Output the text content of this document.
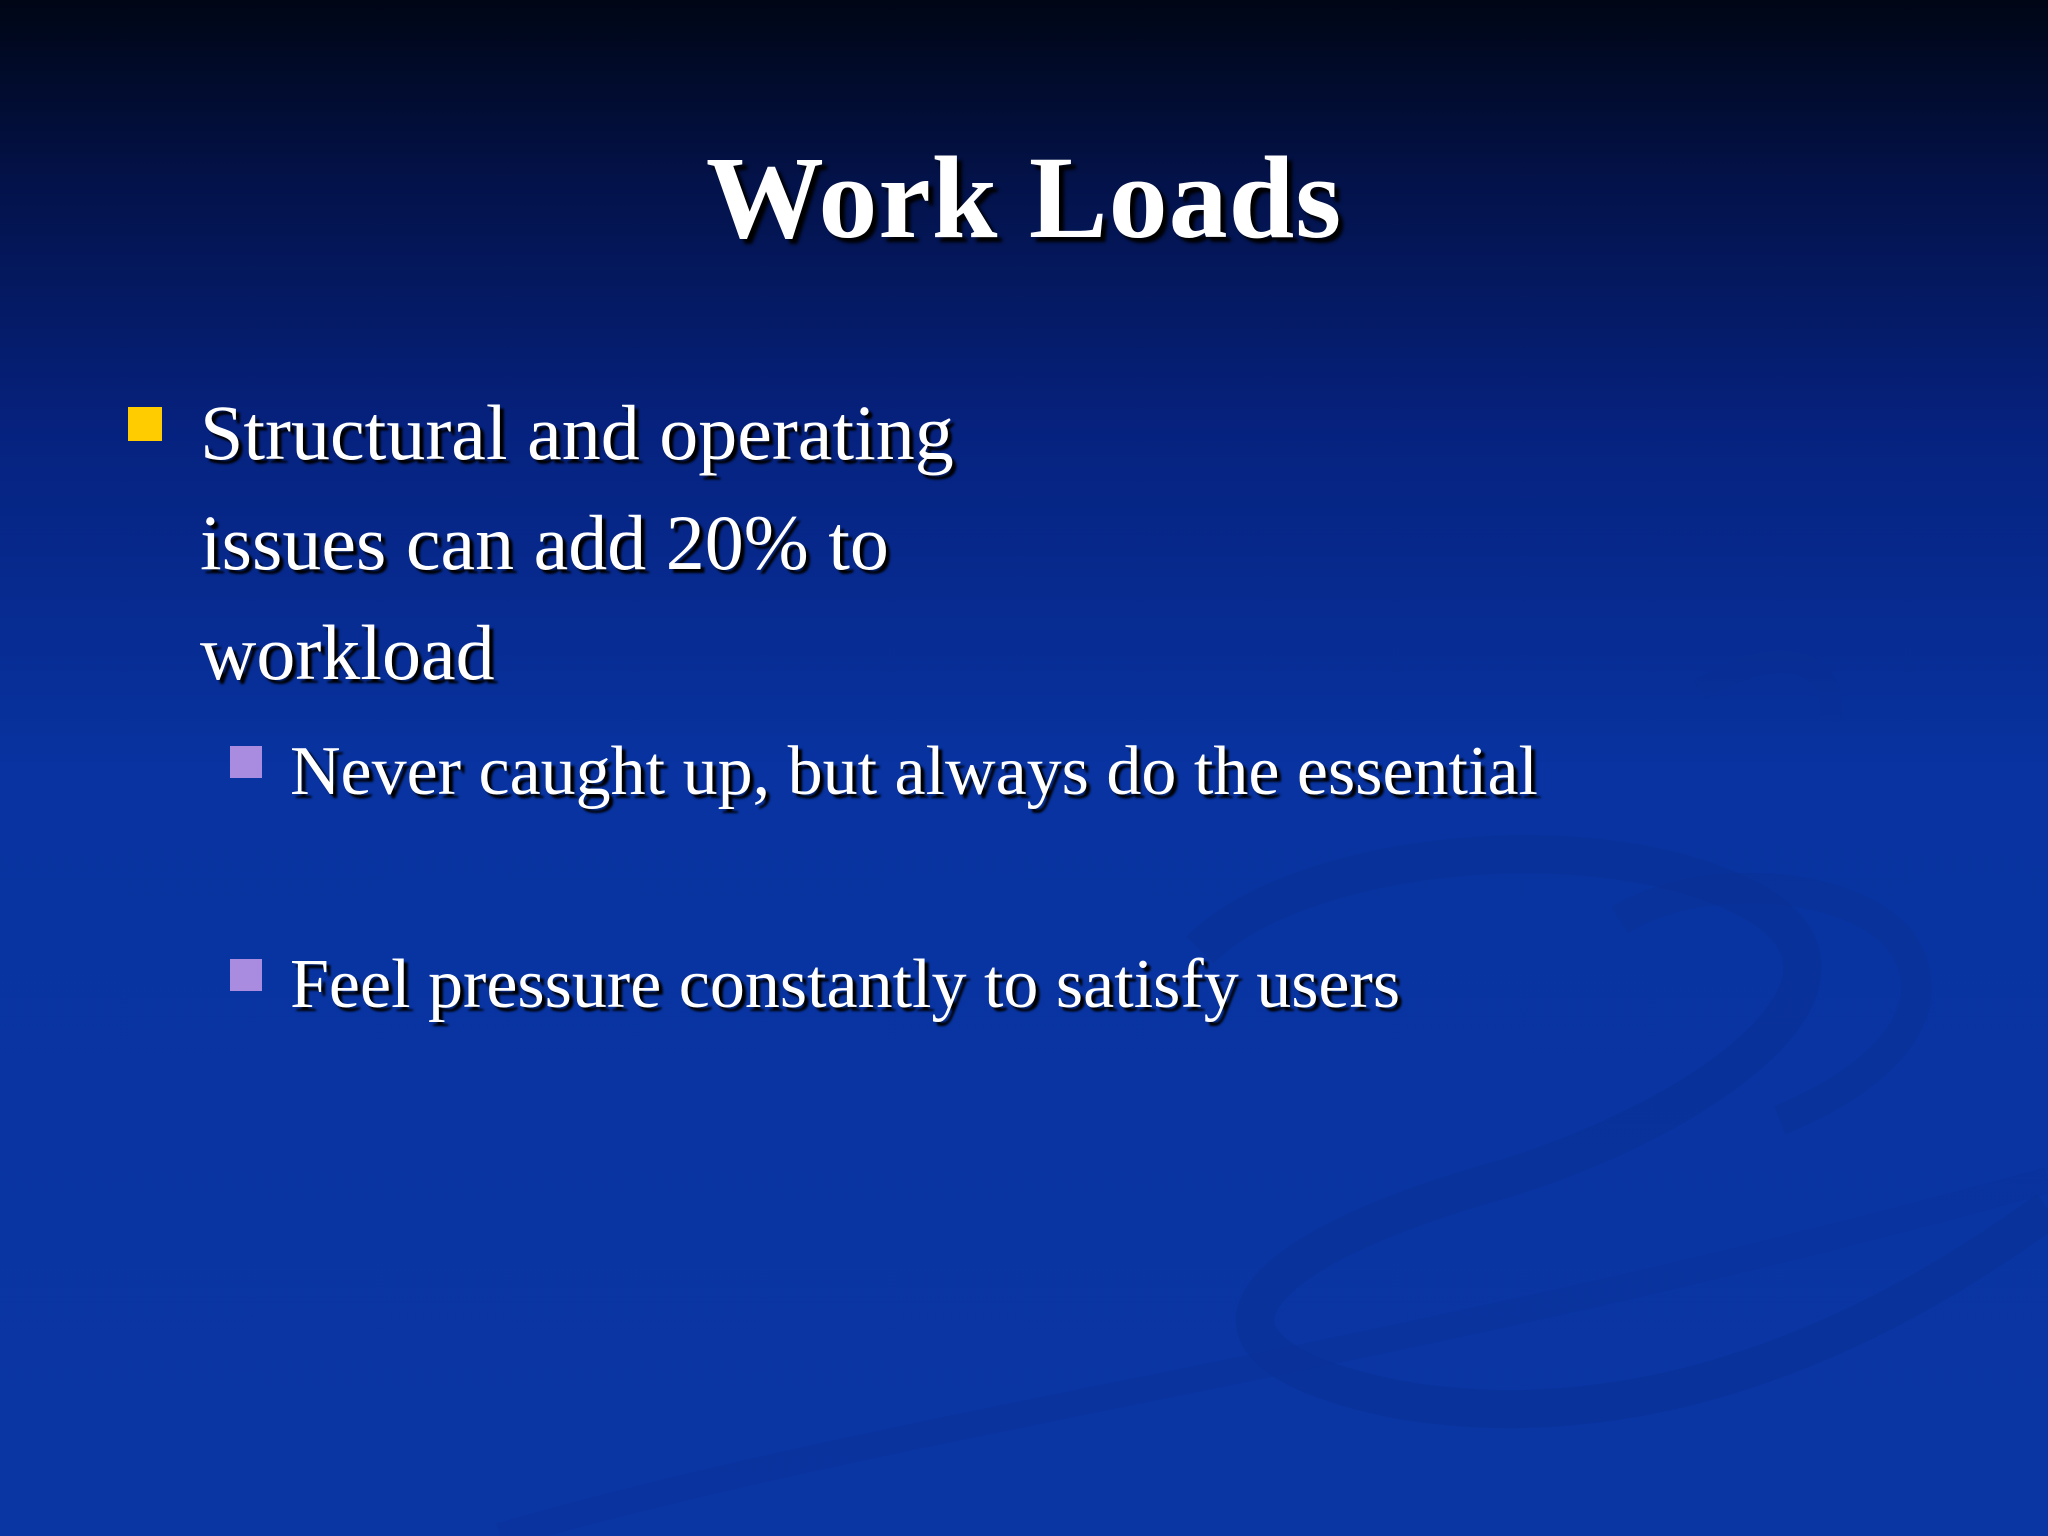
Work Loads
Structural and operating issues can add 20% to workload
Never caught up, but always do the essential
Feel pressure constantly to satisfy users
